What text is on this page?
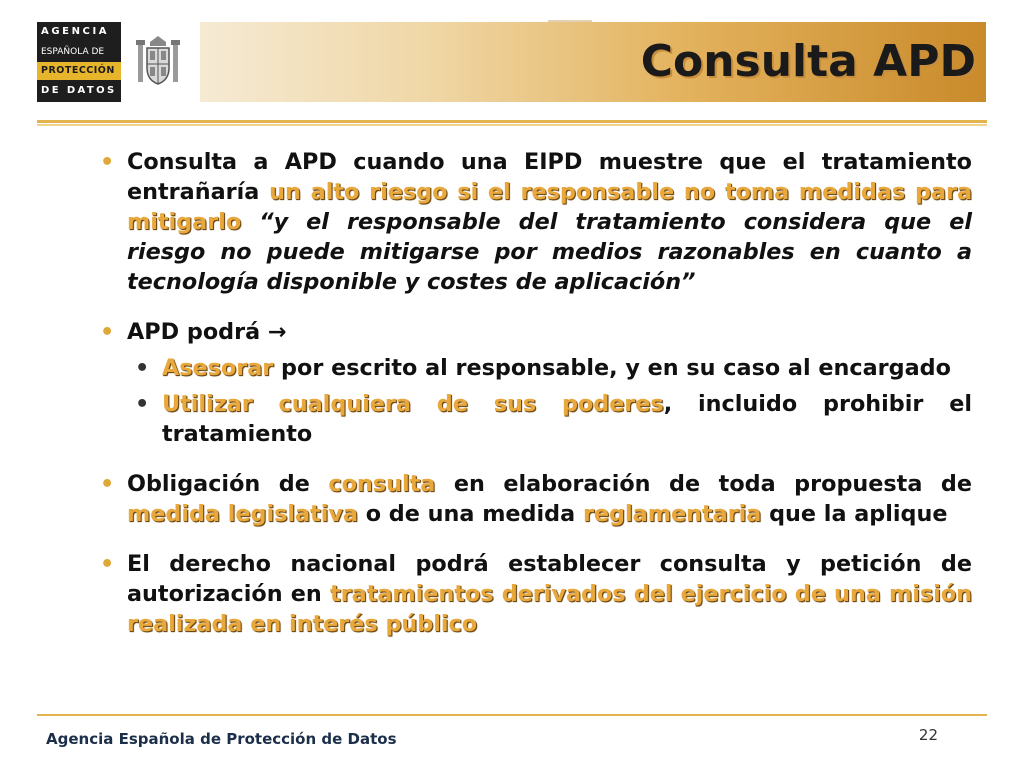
AGENCIA
ESPAÑOLA DE
PROTECCIÓN
DE DATOS
Consulta APD

• Consulta a APD cuando una EIPD muestre que el tratamiento entrañaría un alto riesgo si el responsable no toma medidas para mitigarlo “y el responsable del tratamiento considera que el riesgo no puede mitigarse por medios razonables en cuanto a tecnología disponible y costes de aplicación”

• APD podrá →

• Asesorar por escrito al responsable, y en su caso al encargado

• Utilizar cualquiera de sus poderes, incluido prohibir el tratamiento

• Obligación de consulta en elaboración de toda propuesta de medida legislativa o de una medida reglamentaria que la aplique

• El derecho nacional podrá establecer consulta y petición de autorización en tratamientos derivados del ejercicio de una misión realizada en interés público

Agencia Española de Protección de Datos	22
